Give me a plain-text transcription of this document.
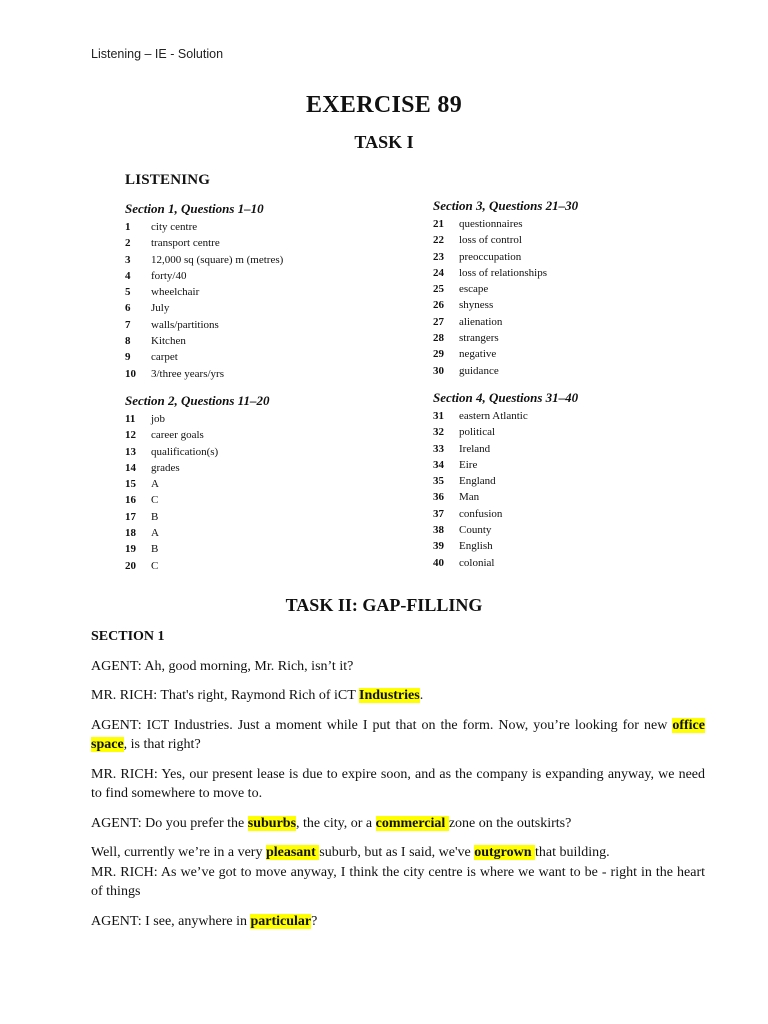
Listening – IE - Solution
EXERCISE 89
TASK I
LISTENING
Section 1, Questions 1–10
1	city centre
2	transport centre
3	12,000 sq (square) m (metres)
4	forty/40
5	wheelchair
6	July
7	walls/partitions
8	Kitchen
9	carpet
10	3/three years/yrs
Section 2, Questions 11–20
11	job
12	career goals
13	qualification(s)
14	grades
15	A
16	C
17	B
18	A
19	B
20	C
Section 3, Questions 21–30
21	questionnaires
22	loss of control
23	preoccupation
24	loss of relationships
25	escape
26	shyness
27	alienation
28	strangers
29	negative
30	guidance
Section 4, Questions 31–40
31	eastern Atlantic
32	political
33	Ireland
34	Eire
35	England
36	Man
37	confusion
38	County
39	English
40	colonial
TASK II: GAP-FILLING
SECTION 1
AGENT: Ah, good morning, Mr. Rich, isn’t it?
MR. RICH: That's right, Raymond Rich of iCT Industries.
AGENT: ICT Industries. Just a moment while I put that on the form. Now, you’re looking for new office space, is that right?
MR. RICH: Yes, our present lease is due to expire soon, and as the company is expanding anyway, we need to find somewhere to move to.
AGENT: Do you prefer the suburbs, the city, or a commercial zone on the outskirts?
Well, currently we’re in a very pleasant suburb, but as I said, we've outgrown that building.
MR. RICH: As we’ve got to move anyway, I think the city centre is where we want to be - right in the heart of things
AGENT: I see, anywhere in particular?
